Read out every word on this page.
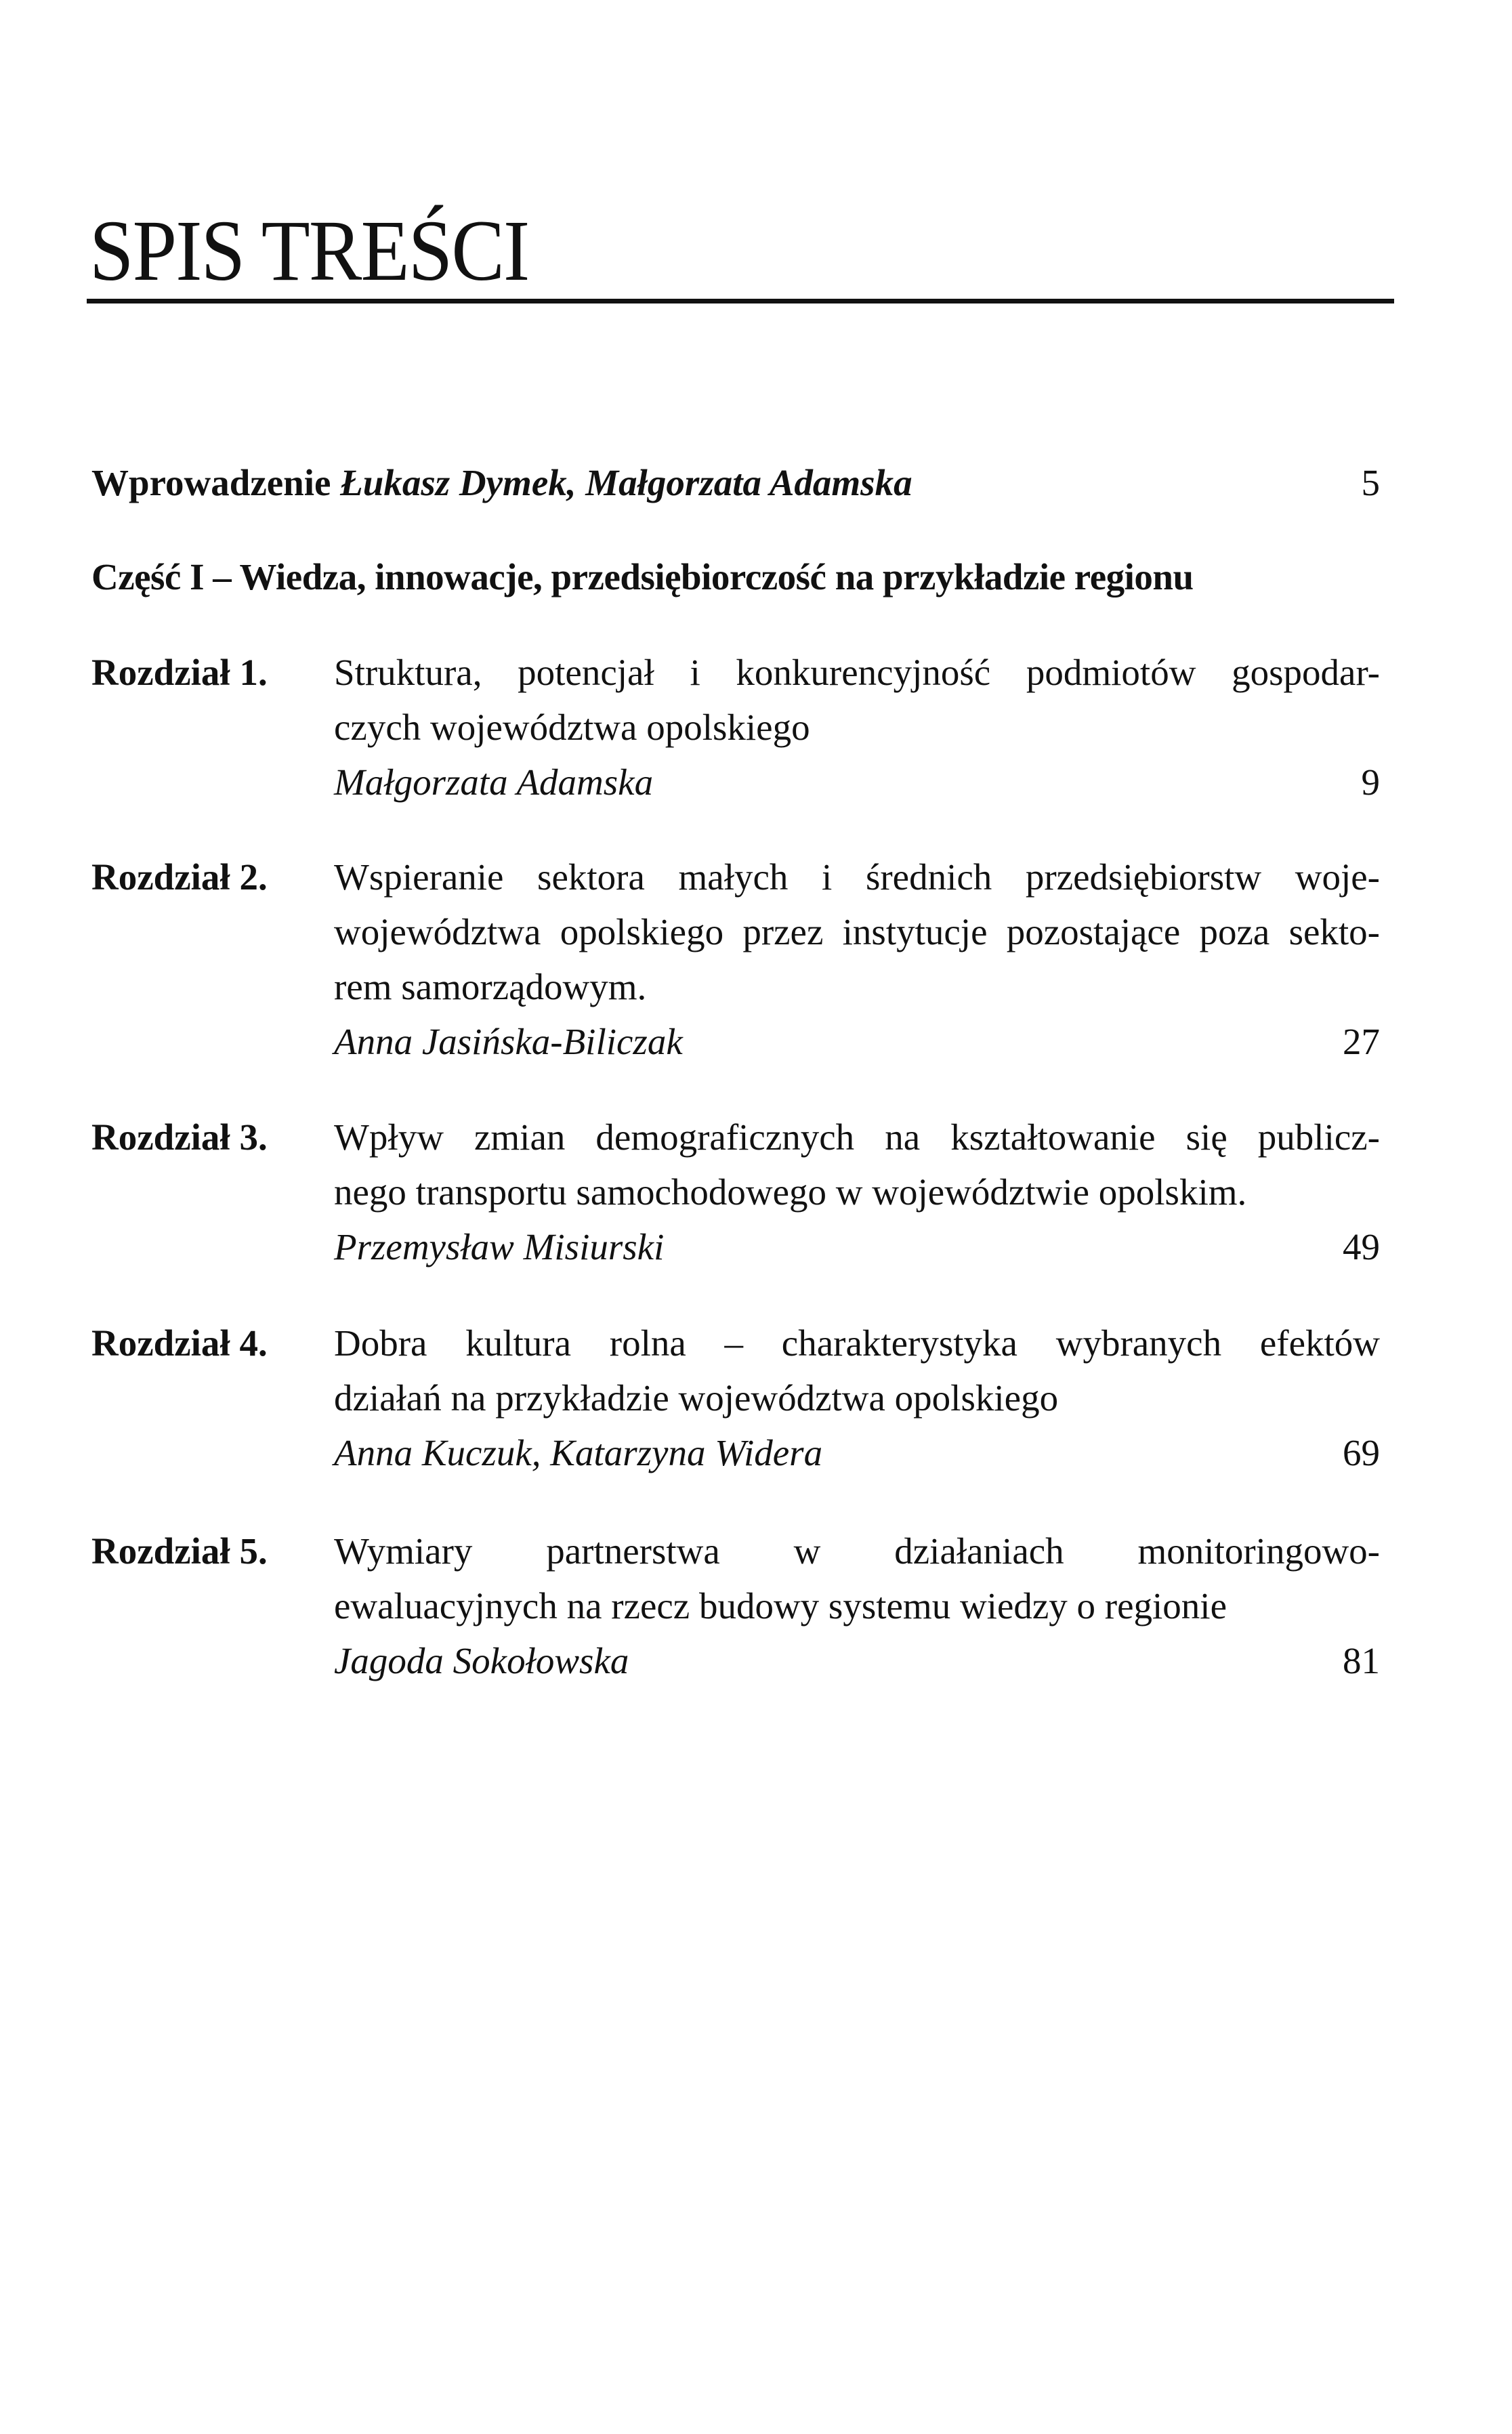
SPIS TREŚCI
Wprowadzenie Łukasz Dymek, Małgorzata Adamska	5
Część I – Wiedza, innowacje, przedsiębiorczość na przykładzie regionu
Rozdział 1.	Struktura, potencjał i konkurencyjność podmiotów gospodar-
czych województwa opolskiego
Małgorzata Adamska	9
Rozdział 2.	Wspieranie sektora małych i średnich przedsiębiorstw woje-
województwa opolskiego przez instytucje pozostające poza sekto-
rem samorządowym.
Anna Jasińska-Biliczak	27
Rozdział 3.	Wpływ zmian demograficznych na kształtowanie się publicz-
nego transportu samochodowego w województwie opolskim.
Przemysław Misiurski	49
Rozdział 4.	Dobra kultura rolna – charakterystyka wybranych efektów
działań na przykładzie województwa opolskiego
Anna Kuczuk, Katarzyna Widera	69
Rozdział 5.	Wymiary partnerstwa w działaniach monitoringowo-
ewaluacyjnych na rzecz budowy systemu wiedzy o regionie
Jagoda Sokołowska	81
